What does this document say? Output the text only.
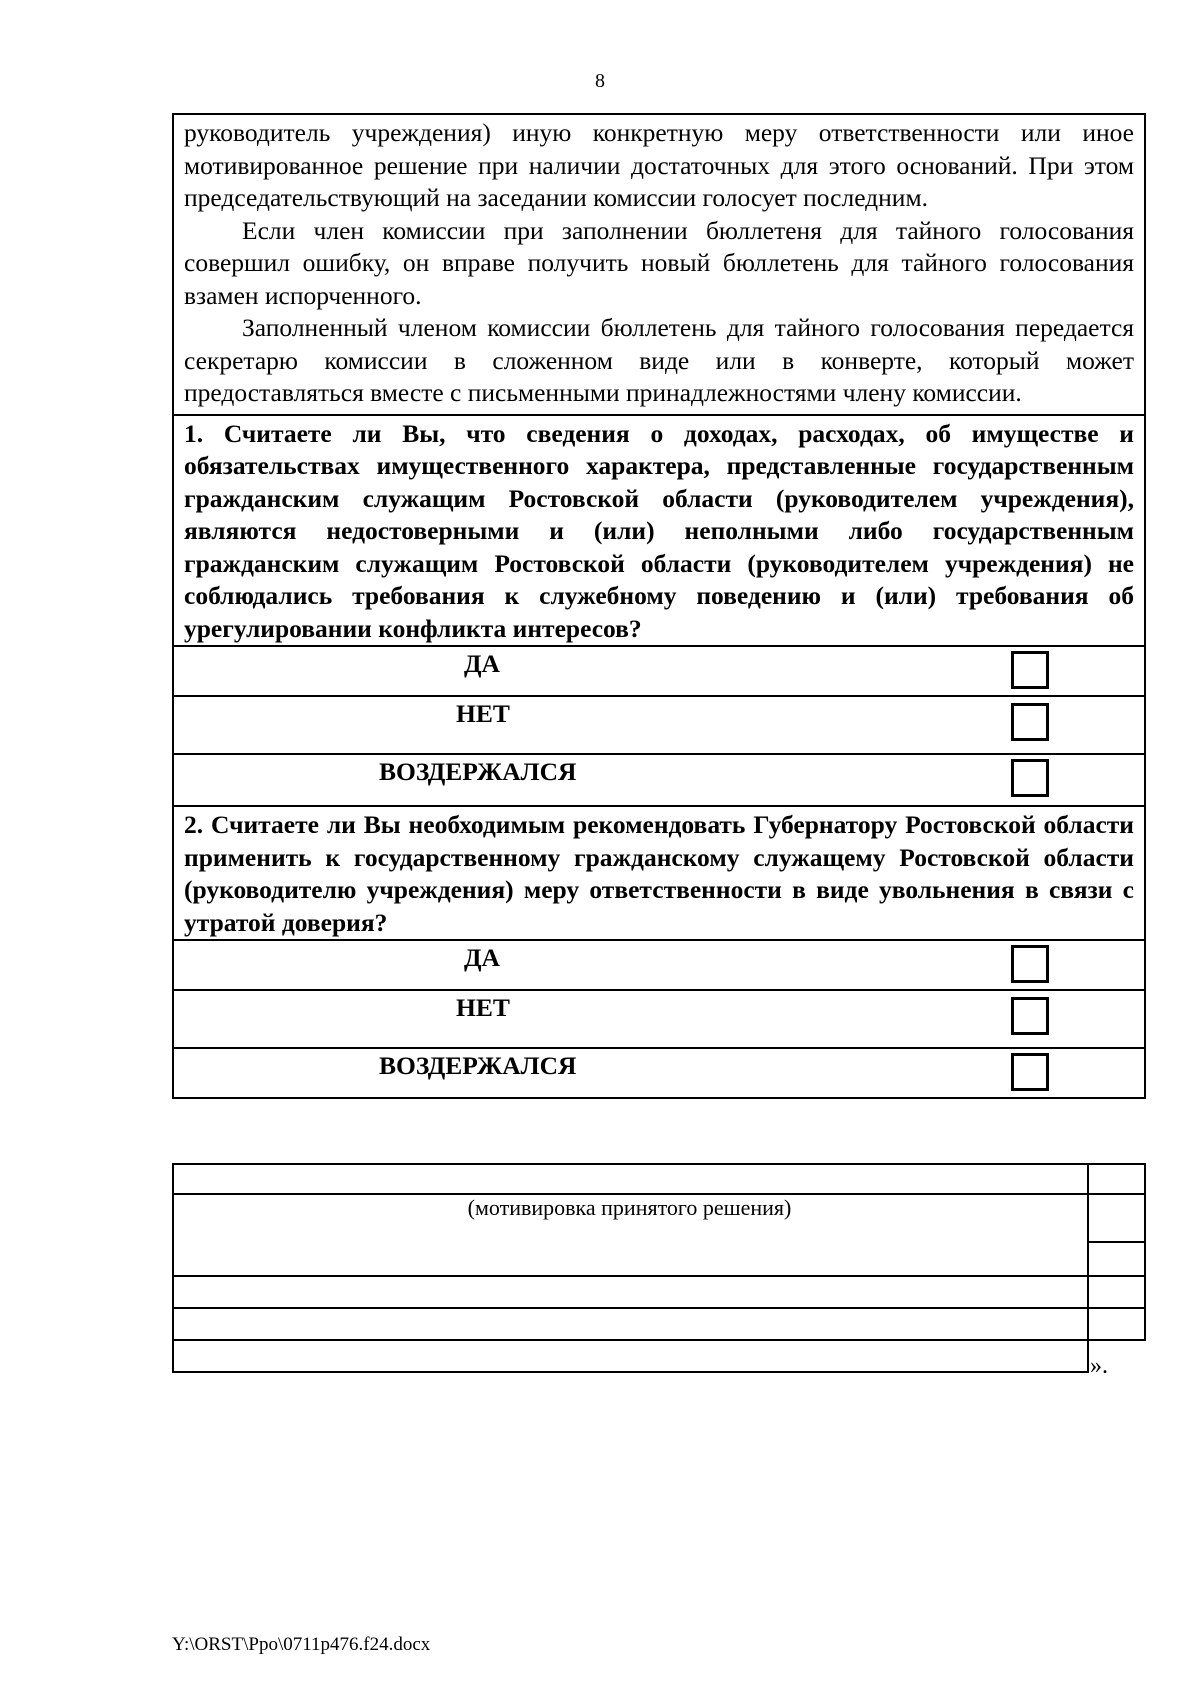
8

руководитель учреждения) иную конкретную меру ответственности или иное мотивированное решение при наличии достаточных для этого оснований. При этом председательствующий на заседании комиссии голосует последним.

Если член комиссии при заполнении бюллетеня для тайного голосования совершил ошибку, он вправе получить новый бюллетень для тайного голосования взамен испорченного.

Заполненный членом комиссии бюллетень для тайного голосования передается секретарю комиссии в сложенном виде или в конверте, который может предоставляться вместе с письменными принадлежностями члену комиссии.

1. Считаете ли Вы, что сведения о доходах, расходах, об имуществе и обязательствах имущественного характера, представленные государственным гражданским служащим Ростовской области (руководителем учреждения), являются недостоверными и (или) неполными либо государственным гражданским служащим Ростовской области (руководителем учреждения) не соблюдались требования к служебному поведению и (или) требования об урегулировании конфликта интересов?
ДА
НЕТ
ВОЗДЕРЖАЛСЯ
2. Считаете ли Вы необходимым рекомендовать Губернатору Ростовской области применить к государственному гражданскому служащему Ростовской области (руководителю учреждения) меру ответственности в виде увольнения в связи с утратой доверия?
ДА
НЕТ
ВОЗДЕРЖАЛСЯ
(мотивировка принятого решения)
».
Y:\ORST\Ppo\0711p476.f24.docx
